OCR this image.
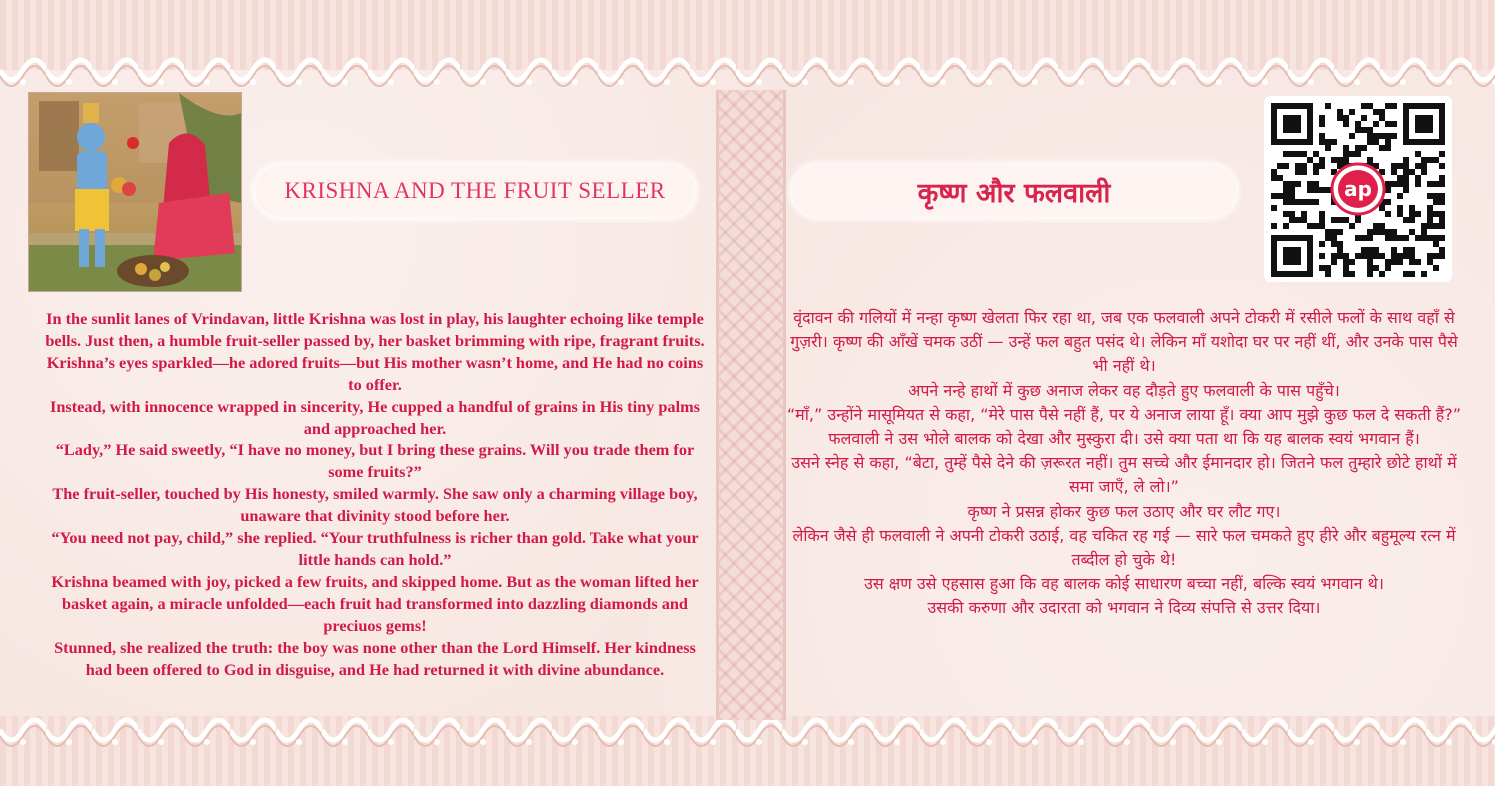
KRISHNA AND THE FRUIT SELLER	कृष्ण और फलवाली	ap

In the sunlit lanes of Vrindavan, little Krishna was lost in play, his laughter echoing like temple bells. Just then, a humble fruit-seller passed by, her basket brimming with ripe, fragrant fruits. Krishna’s eyes sparkled—he adored fruits—but His mother wasn’t home, and He had no coins to offer.

Instead, with innocence wrapped in sincerity, He cupped a handful of grains in His tiny palms and approached her.

“Lady,” He said sweetly, “I have no money, but I bring these grains. Will you trade them for some fruits?”

The fruit-seller, touched by His honesty, smiled warmly. She saw only a charming village boy, unaware that divinity stood before her.

“You need not pay, child,” she replied. “Your truthfulness is richer than gold. Take what your little hands can hold.”

Krishna beamed with joy, picked a few fruits, and skipped home. But as the woman lifted her basket again, a miracle unfolded—each fruit had transformed into dazzling diamonds and preciuos gems!

Stunned, she realized the truth: the boy was none other than the Lord Himself. Her kindness had been offered to God in disguise, and He had returned it with divine abundance.

वृंदावन की गलियों में नन्हा कृष्ण खेलता फिर रहा था, जब एक फलवाली अपने टोकरी में रसीले फलों के साथ वहाँ से गुज़री। कृष्ण की आँखें चमक उठीं — उन्हें फल बहुत पसंद थे। लेकिन माँ यशोदा घर पर नहीं थीं, और उनके पास पैसे भी नहीं थे।

अपने नन्हे हाथों में कुछ अनाज लेकर वह दौड़ते हुए फलवाली के पास पहुँचे।

“माँ,” उन्होंने मासूमियत से कहा, “मेरे पास पैसे नहीं हैं, पर ये अनाज लाया हूँ। क्या आप मुझे कुछ फल दे सकती हैं?”

फलवाली ने उस भोले बालक को देखा और मुस्कुरा दी। उसे क्या पता था कि यह बालक स्वयं भगवान हैं।

उसने स्नेह से कहा, “बेटा, तुम्हें पैसे देने की ज़रूरत नहीं। तुम सच्चे और ईमानदार हो। जितने फल तुम्हारे छोटे हाथों में समा जाएँ, ले लो।”

कृष्ण ने प्रसन्न होकर कुछ फल उठाए और घर लौट गए।

लेकिन जैसे ही फलवाली ने अपनी टोकरी उठाई, वह चकित रह गई — सारे फल चमकते हुए हीरे और बहुमूल्य रत्न में तब्दील हो चुके थे!

उस क्षण उसे एहसास हुआ कि वह बालक कोई साधारण बच्चा नहीं, बल्कि स्वयं भगवान थे।

उसकी करुणा और उदारता को भगवान ने दिव्य संपत्ति से उत्तर दिया।
